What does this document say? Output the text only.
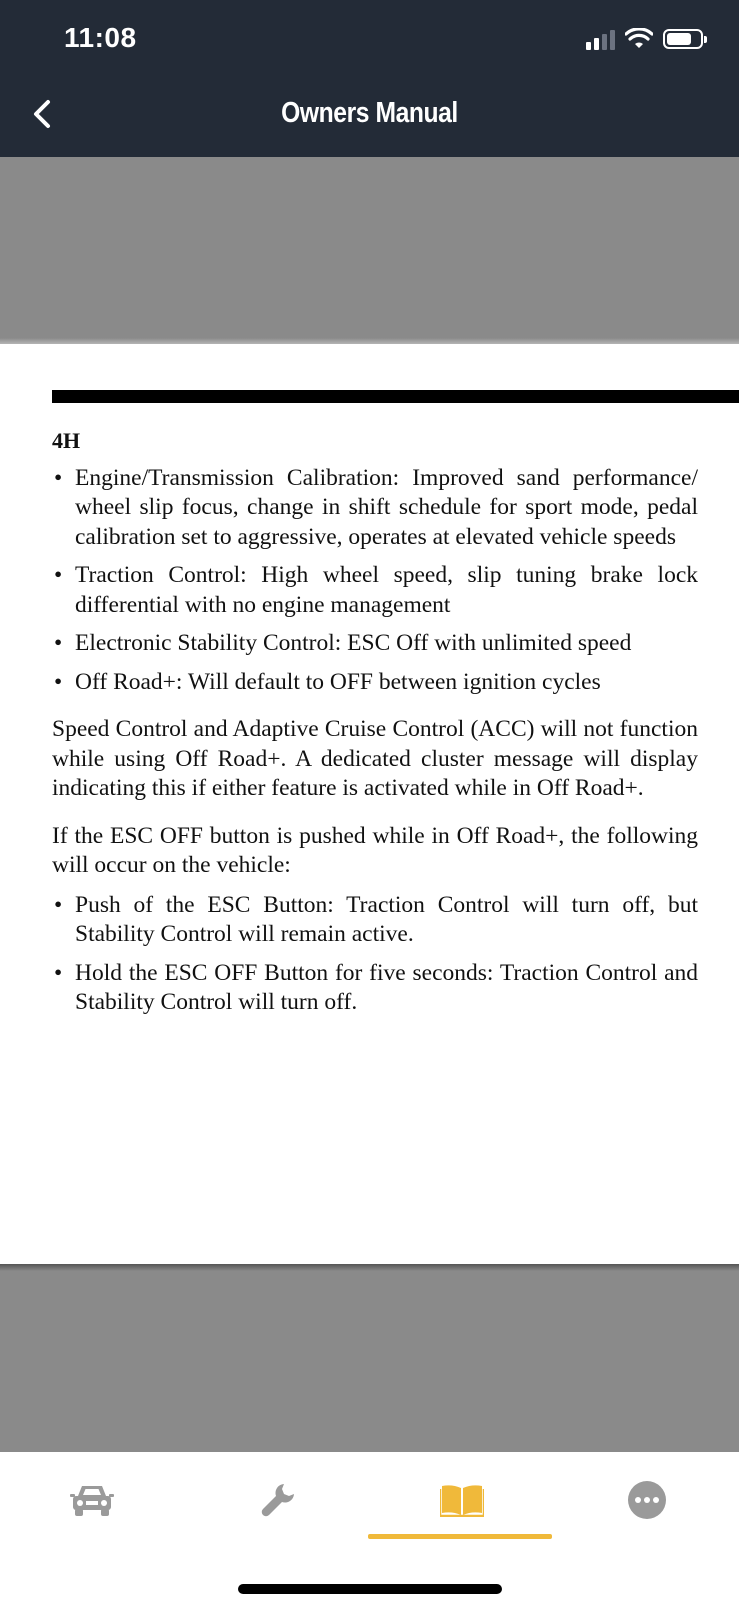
11:08
Owners Manual
4H
• Engine/Transmission Calibration: Improved sand performance/ wheel slip focus, change in shift schedule for sport mode, pedal calibration set to aggressive, operates at elevated vehicle speeds
• Traction Control: High wheel speed, slip tuning brake lock differential with no engine management
• Electronic Stability Control: ESC Off with unlimited speed
• Off Road+: Will default to OFF between ignition cycles

Speed Control and Adaptive Cruise Control (ACC) will not function while using Off Road+. A dedicated cluster message will display indicating this if either feature is activated while in Off Road+.

If the ESC OFF button is pushed while in Off Road+, the following will occur on the vehicle:

• Push of the ESC Button: Traction Control will turn off, but Stability Control will remain active.
• Hold the ESC OFF Button for five seconds: Traction Control and Stability Control will turn off.
